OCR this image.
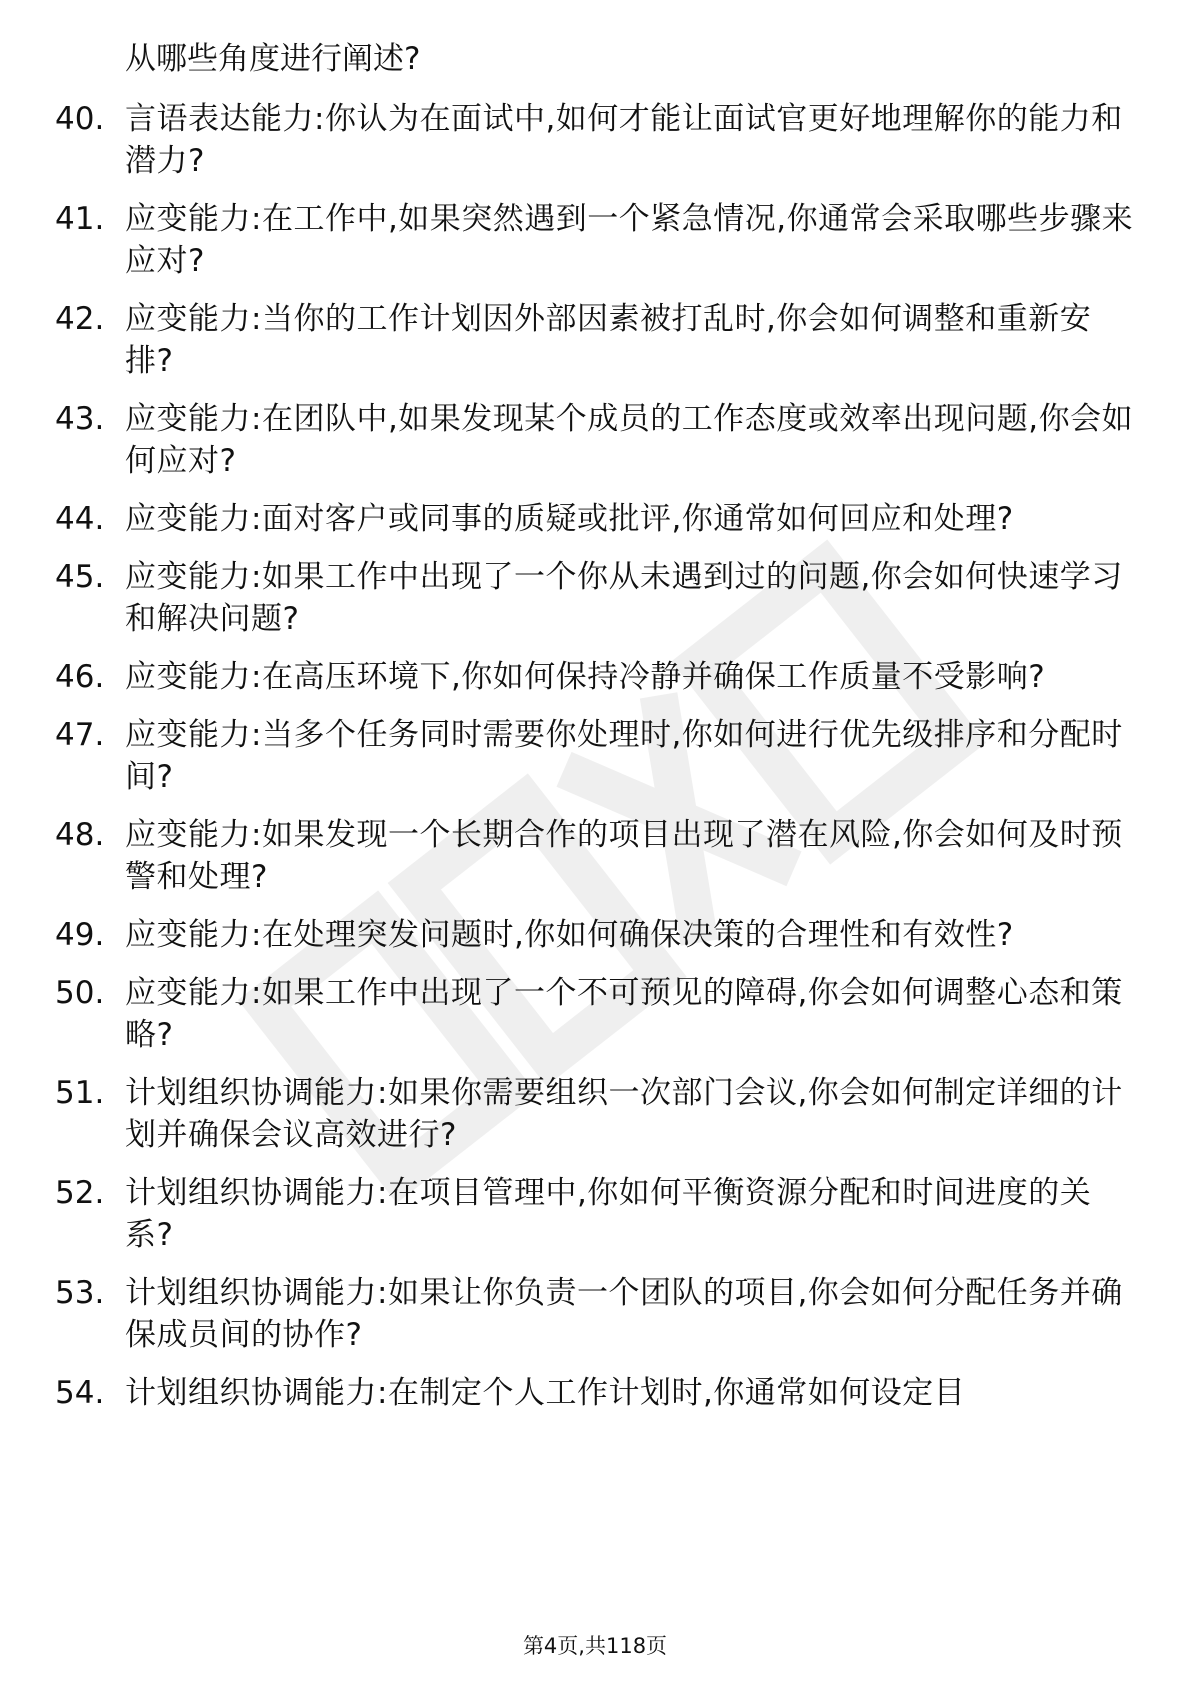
从哪些角度进行阐述?
40. 言语表达能力:你认为在面试中,如何才能让面试官更好地理解你的能力和潜力?
41. 应变能力:在工作中,如果突然遇到一个紧急情况,你通常会采取哪些步骤来应对?
42. 应变能力:当你的工作计划因外部因素被打乱时,你会如何调整和重新安排?
43. 应变能力:在团队中,如果发现某个成员的工作态度或效率出现问题,你会如何应对?
44. 应变能力:面对客户或同事的质疑或批评,你通常如何回应和处理?
45. 应变能力:如果工作中出现了一个你从未遇到过的问题,你会如何快速学习和解决问题?
46. 应变能力:在高压环境下,你如何保持冷静并确保工作质量不受影响?
47. 应变能力:当多个任务同时需要你处理时,你如何进行优先级排序和分配时间?
48. 应变能力:如果发现一个长期合作的项目出现了潜在风险,你会如何及时预警和处理?
49. 应变能力:在处理突发问题时,你如何确保决策的合理性和有效性?
50. 应变能力:如果工作中出现了一个不可预见的障碍,你会如何调整心态和策略?
51. 计划组织协调能力:如果你需要组织一次部门会议,你会如何制定详细的计划并确保会议高效进行?
52. 计划组织协调能力:在项目管理中,你如何平衡资源分配和时间进度的关系?
53. 计划组织协调能力:如果让你负责一个团队的项目,你会如何分配任务并确保成员间的协作?
54. 计划组织协调能力:在制定个人工作计划时,你通常如何设定目
第4页,共118页
